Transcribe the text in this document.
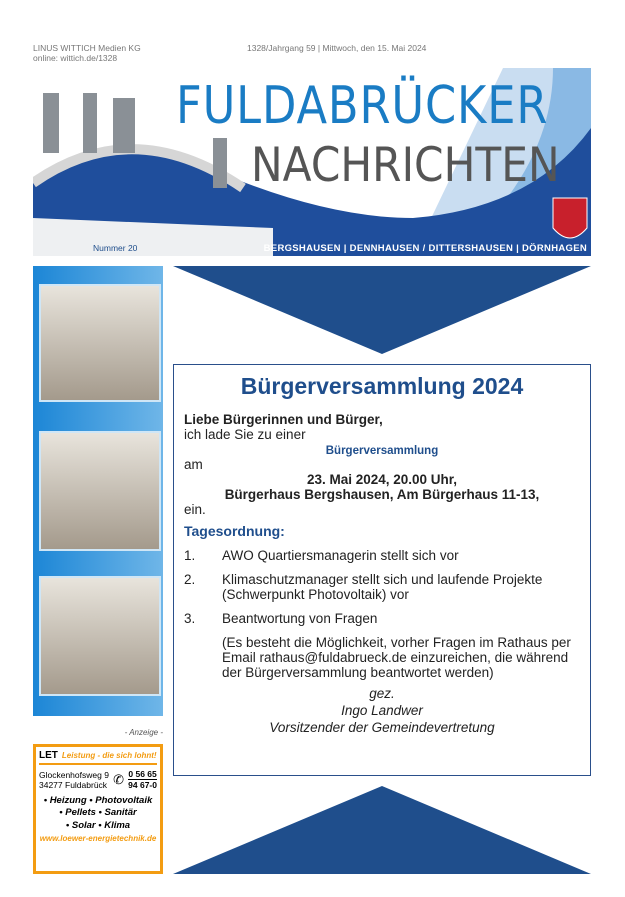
LINUS WITTICH Medien KG
online: wittich.de/1328
1328/Jahrgang 59 | Mittwoch, den 15. Mai 2024
FULDABRÜCKER
NACHRICHTEN
Nummer 20	BERGSHAUSEN | DENNHAUSEN / DITTERSHAUSEN | DÖRNHAGEN
Bürgerversammlung 2024
Liebe Bürgerinnen und Bürger,
ich lade Sie zu einer
Bürgerversammlung
am
23. Mai 2024, 20.00 Uhr,
Bürgerhaus Bergshausen, Am Bürgerhaus 11-13,
ein.
Tagesordnung:
1.	AWO Quartiersmanagerin stellt sich vor
2.	Klimaschutzmanager stellt sich und laufende Projekte (Schwerpunkt Photovoltaik) vor
3.	Beantwortung von Fragen
(Es besteht die Möglichkeit, vorher Fragen im Rathaus per Email rathaus@fuldabrueck.de einzureichen, die während der Bürgerversammlung beantwortet werden)
gez.
Ingo Landwer
Vorsitzender der Gemeindevertretung
- Anzeige -
LET Leistung - die sich lohnt!
Glockenhofsweg 9
34277 Fuldabrück ✆ 0 56 65
94 67-0
• Heizung • Photovoltaik
• Pellets • Sanitär
• Solar • Klima
www.loewer-energietechnik.de
